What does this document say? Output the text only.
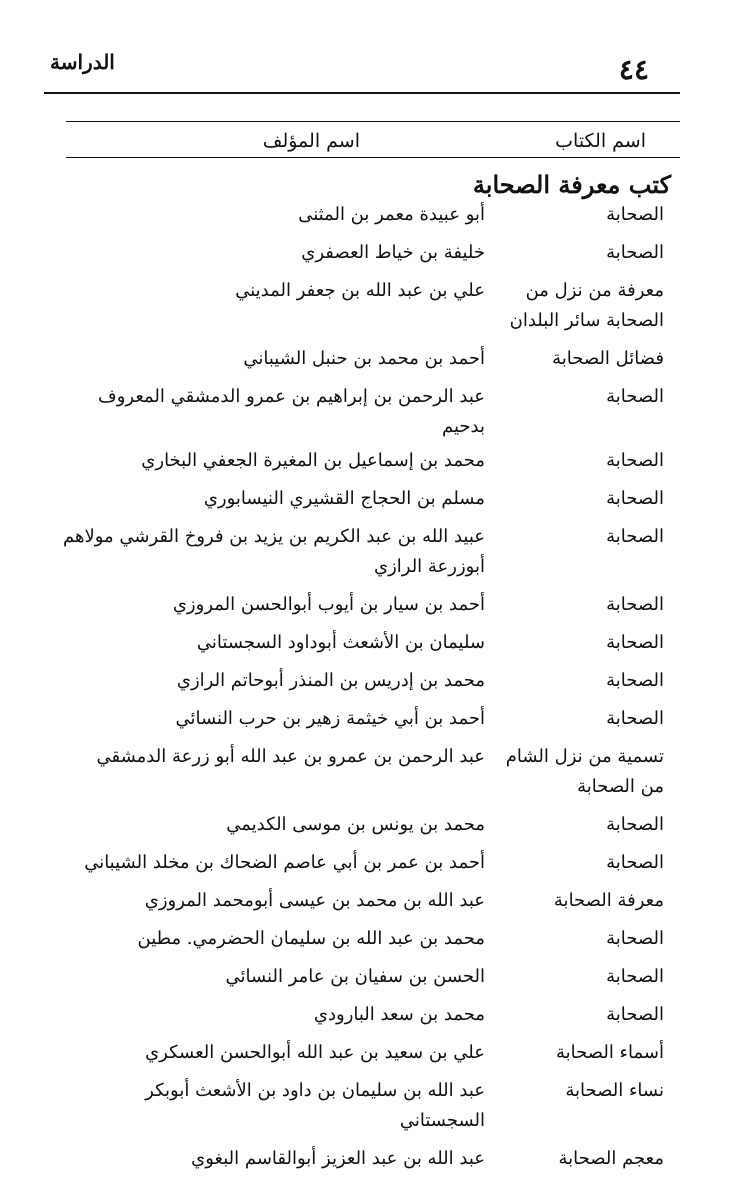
٤٤
الدراسة
اسم الكتاب
اسم المؤلف
كتب معرفة الصحابة
الصحابة
أبو عبيدة معمر بن المثنى
الصحابة
خليفة بن خياط العصفري
معرفة من نزل من الصحابة سائر البلدان
علي بن عبد الله بن جعفر المديني
فضائل الصحابة
أحمد بن محمد بن حنبل الشيباني
الصحابة
عبد الرحمن بن إبراهيم بن عمرو الدمشقي المعروف بدحيم
الصحابة
محمد بن إسماعيل بن المغيرة الجعفي البخاري
الصحابة
مسلم بن الحجاج القشيري النيسابوري
الصحابة
عبيد الله بن عبد الكريم بن يزيد بن فروخ القرشي مولاهم أبوزرعة الرازي
الصحابة
أحمد بن سيار بن أيوب أبوالحسن المروزي
الصحابة
سليمان بن الأشعث أبوداود السجستاني
الصحابة
محمد بن إدريس بن المنذر أبوحاتم الرازي
الصحابة
أحمد بن أبي خيثمة زهير بن حرب النسائي
تسمية من نزل الشام من الصحابة
عبد الرحمن بن عمرو بن عبد الله أبو زرعة الدمشقي
الصحابة
محمد بن يونس بن موسى الكديمي
الصحابة
أحمد بن عمر بن أبي عاصم الضحاك بن مخلد الشيباني
معرفة الصحابة
عبد الله بن محمد بن عيسى أبومحمد المروزي
الصحابة
محمد بن عبد الله بن سليمان الحضرمي. مطين
الصحابة
الحسن بن سفيان بن عامر النسائي
الصحابة
محمد بن سعد البارودي
أسماء الصحابة
علي بن سعيد بن عبد الله أبوالحسن العسكري
نساء الصحابة
عبد الله بن سليمان بن داود بن الأشعث أبوبكر السجستاني
معجم الصحابة
عبد الله بن عبد العزيز أبوالقاسم البغوي
